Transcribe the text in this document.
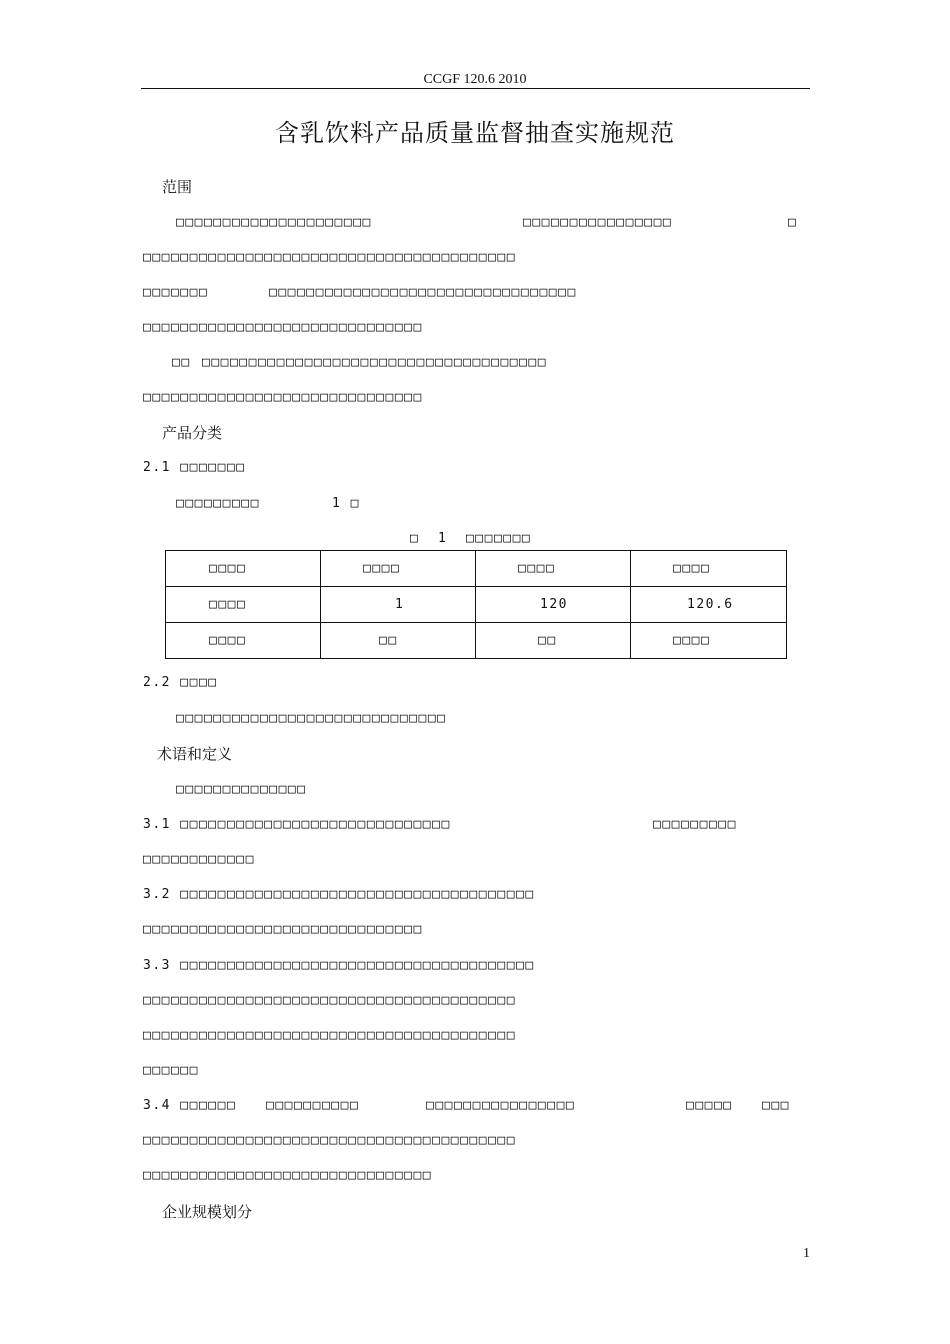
CCGF 120.6 2010
含乳饮料产品质量监督抽查实施规范
范围
□□□□□□□□□□□□□□□□□□□□□	□□□□□□□□□□□□□□□□	□
□□□□□□□□□□□□□□□□□□□□□□□□□□□□□□□□□□□□□□□□
□□□□□□□	□□□□□□□□□□□□□□□□□□□□□□□□□□□□□□□□□
□□□□□□□□□□□□□□□□□□□□□□□□□□□□□□
□□ □□□□□□□□□□□□□□□□□□□□□□□□□□□□□□□□□□□□□
□□□□□□□□□□□□□□□□□□□□□□□□□□□□□□
产品分类
2.1 □□□□□□□
□□□□□□□□□	1 □
□  1  □□□□□□□
□□□□	□□□□	□□□□	□□□□
□□□□	1	120	120.6
□□□□	□□	□□	□□□□
2.2 □□□□
□□□□□□□□□□□□□□□□□□□□□□□□□□□□□
术语和定义
□□□□□□□□□□□□□□
3.1 □□□□□□□□□□□□□□□□□□□□□□□□□□□□□	□□□□□□□□□
□□□□□□□□□□□□
3.2 □□□□□□□□□□□□□□□□□□□□□□□□□□□□□□□□□□□□□□
□□□□□□□□□□□□□□□□□□□□□□□□□□□□□□
3.3 □□□□□□□□□□□□□□□□□□□□□□□□□□□□□□□□□□□□□□
□□□□□□□□□□□□□□□□□□□□□□□□□□□□□□□□□□□□□□□□
□□□□□□□□□□□□□□□□□□□□□□□□□□□□□□□□□□□□□□□□
□□□□□□
3.4 □□□□□□ □□□□□□□□□□	□□□□□□□□□□□□□□□□	□□□□□ □□□
□□□□□□□□□□□□□□□□□□□□□□□□□□□□□□□□□□□□□□□□
□□□□□□□□□□□□□□□□□□□□□□□□□□□□□□□
企业规模划分
1
